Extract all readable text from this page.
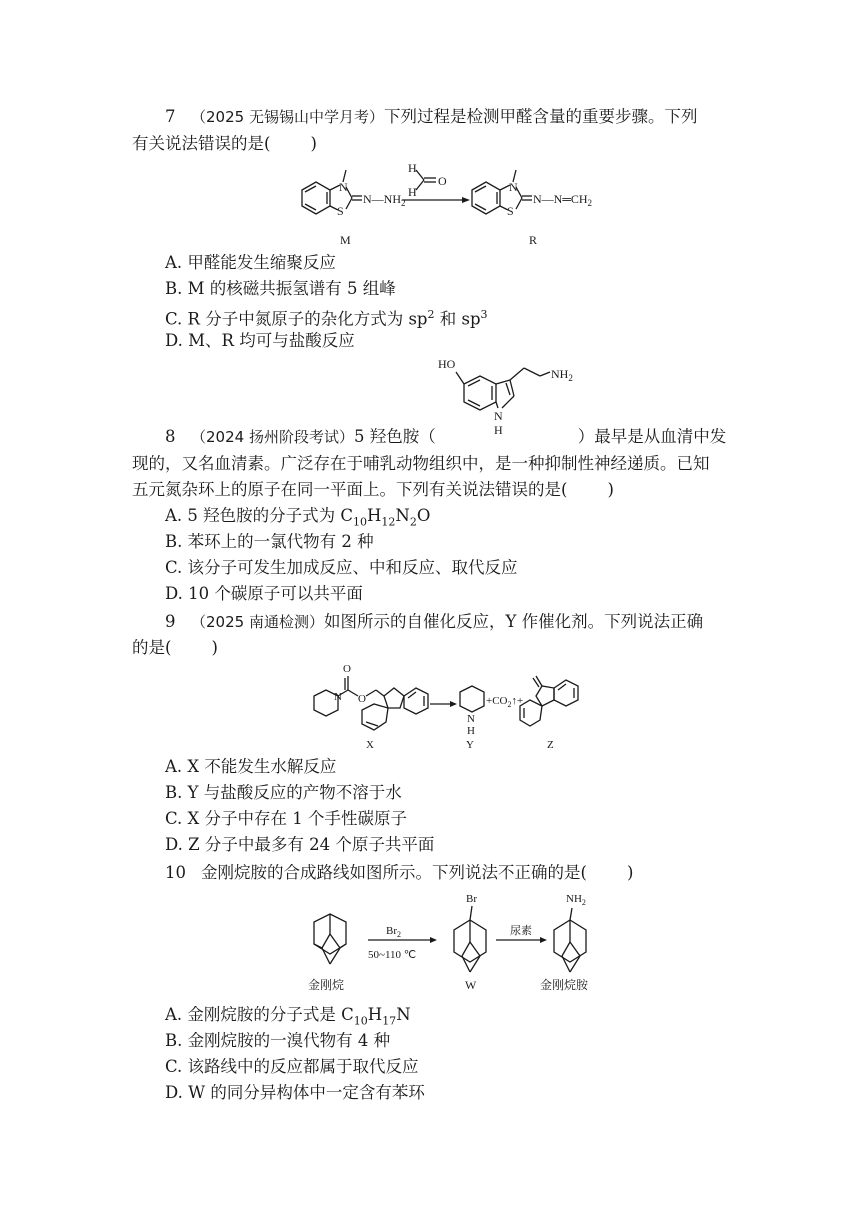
7 （2025 无锡锡山中学月考）下列过程是检测甲醛含量的重要步骤。下列
有关说法错误的是( )
N
S
$N—NH_2$
M
H
H
O	N
S
$N—N═CH_2$
R
A. 甲醛能发生缩聚反应
B. M 的核磁共振氢谱有 5 组峰
C. R 分子中氮原子的杂化方式为 $sp^2$ 和 $sp^3$
D. M、R 均可与盐酸反应
HO
N
H
$NH_2$
8 （2024 扬州阶段考试）5 羟色胺（	）最早是从血清中发
现的，又名血清素。广泛存在于哺乳动物组织中，是一种抑制性神经递质。已知
五元氮杂环上的原子在同一平面上。下列有关说法错误的是( )
A. 5 羟色胺的分子式为 $C_{10}H_{12}N_2O$
B. 苯环上的一氯代物有 2 种
C. 该分子可发生加成反应、中和反应、取代反应
D. 10 个碳原子可以共平面
9 （2025 南通检测）如图所示的自催化反应，Y 作催化剂。下列说法正确
的是( )
O
O
N
X
N
H
Y
$+CO_2↑+$
Z
A. X 不能发生水解反应
B. Y 与盐酸反应的产物不溶于水
C. X 分子中存在 1 个手性碳原子
D. Z 分子中最多有 24 个原子共平面
10 金刚烷胺的合成路线如图所示。下列说法不正确的是( )
金刚烷
$Br_2$
50~110 ℃
Br
W
尿素
$NH_2$
金刚烷胺
A. 金刚烷胺的分子式是 $C_{10}H_{17}N$
B. 金刚烷胺的一溴代物有 4 种
C. 该路线中的反应都属于取代反应
D. W 的同分异构体中一定含有苯环
